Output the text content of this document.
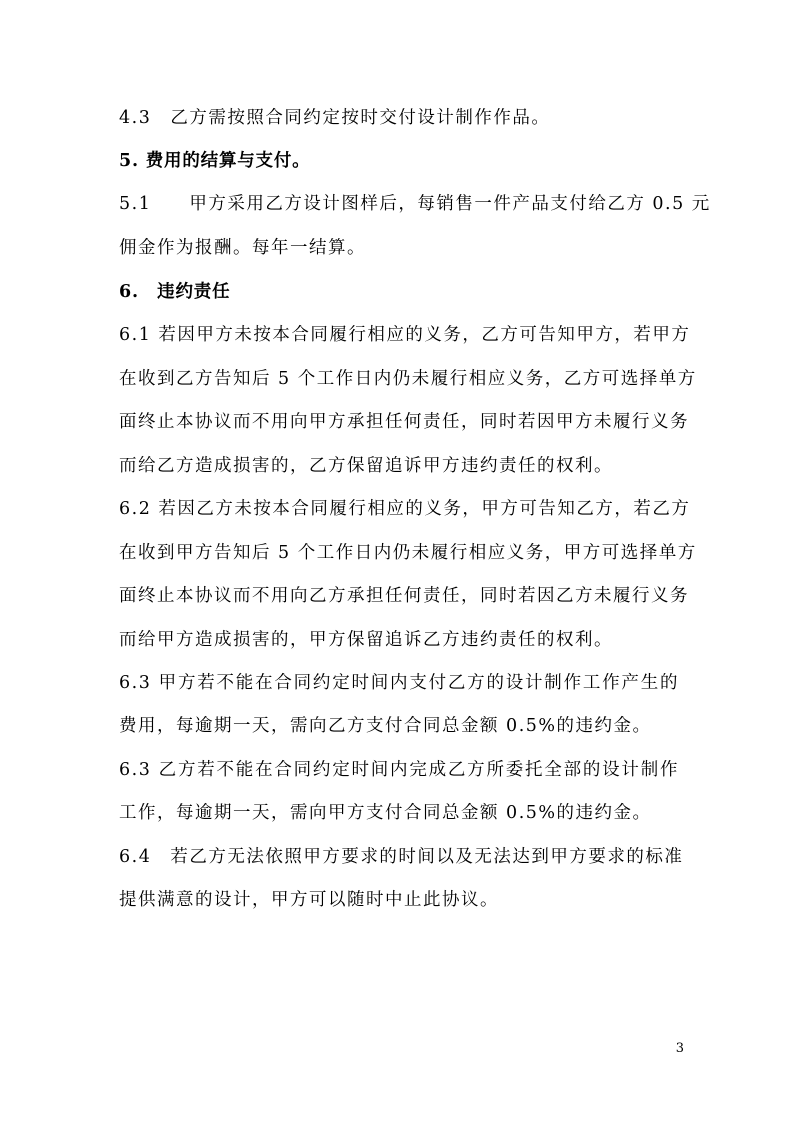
4.3　乙方需按照合同约定按时交付设计制作作品。
5. 费用的结算与支付。
5.1　　甲方采用乙方设计图样后，每销售一件产品支付给乙方 0.5 元
佣金作为报酬。每年一结算。
6.　违约责任
6.1 若因甲方未按本合同履行相应的义务，乙方可告知甲方，若甲方
在收到乙方告知后 5 个工作日内仍未履行相应义务，乙方可选择单方
面终止本协议而不用向甲方承担任何责任，同时若因甲方未履行义务
而给乙方造成损害的，乙方保留追诉甲方违约责任的权利。
6.2 若因乙方未按本合同履行相应的义务，甲方可告知乙方，若乙方
在收到甲方告知后 5 个工作日内仍未履行相应义务，甲方可选择单方
面终止本协议而不用向乙方承担任何责任，同时若因乙方未履行义务
而给甲方造成损害的，甲方保留追诉乙方违约责任的权利。
6.3 甲方若不能在合同约定时间内支付乙方的设计制作工作产生的
费用，每逾期一天，需向乙方支付合同总金额 0.5%的违约金。
6.3 乙方若不能在合同约定时间内完成乙方所委托全部的设计制作
工作，每逾期一天，需向甲方支付合同总金额 0.5%的违约金。
6.4　若乙方无法依照甲方要求的时间以及无法达到甲方要求的标准
提供满意的设计，甲方可以随时中止此协议。
3
